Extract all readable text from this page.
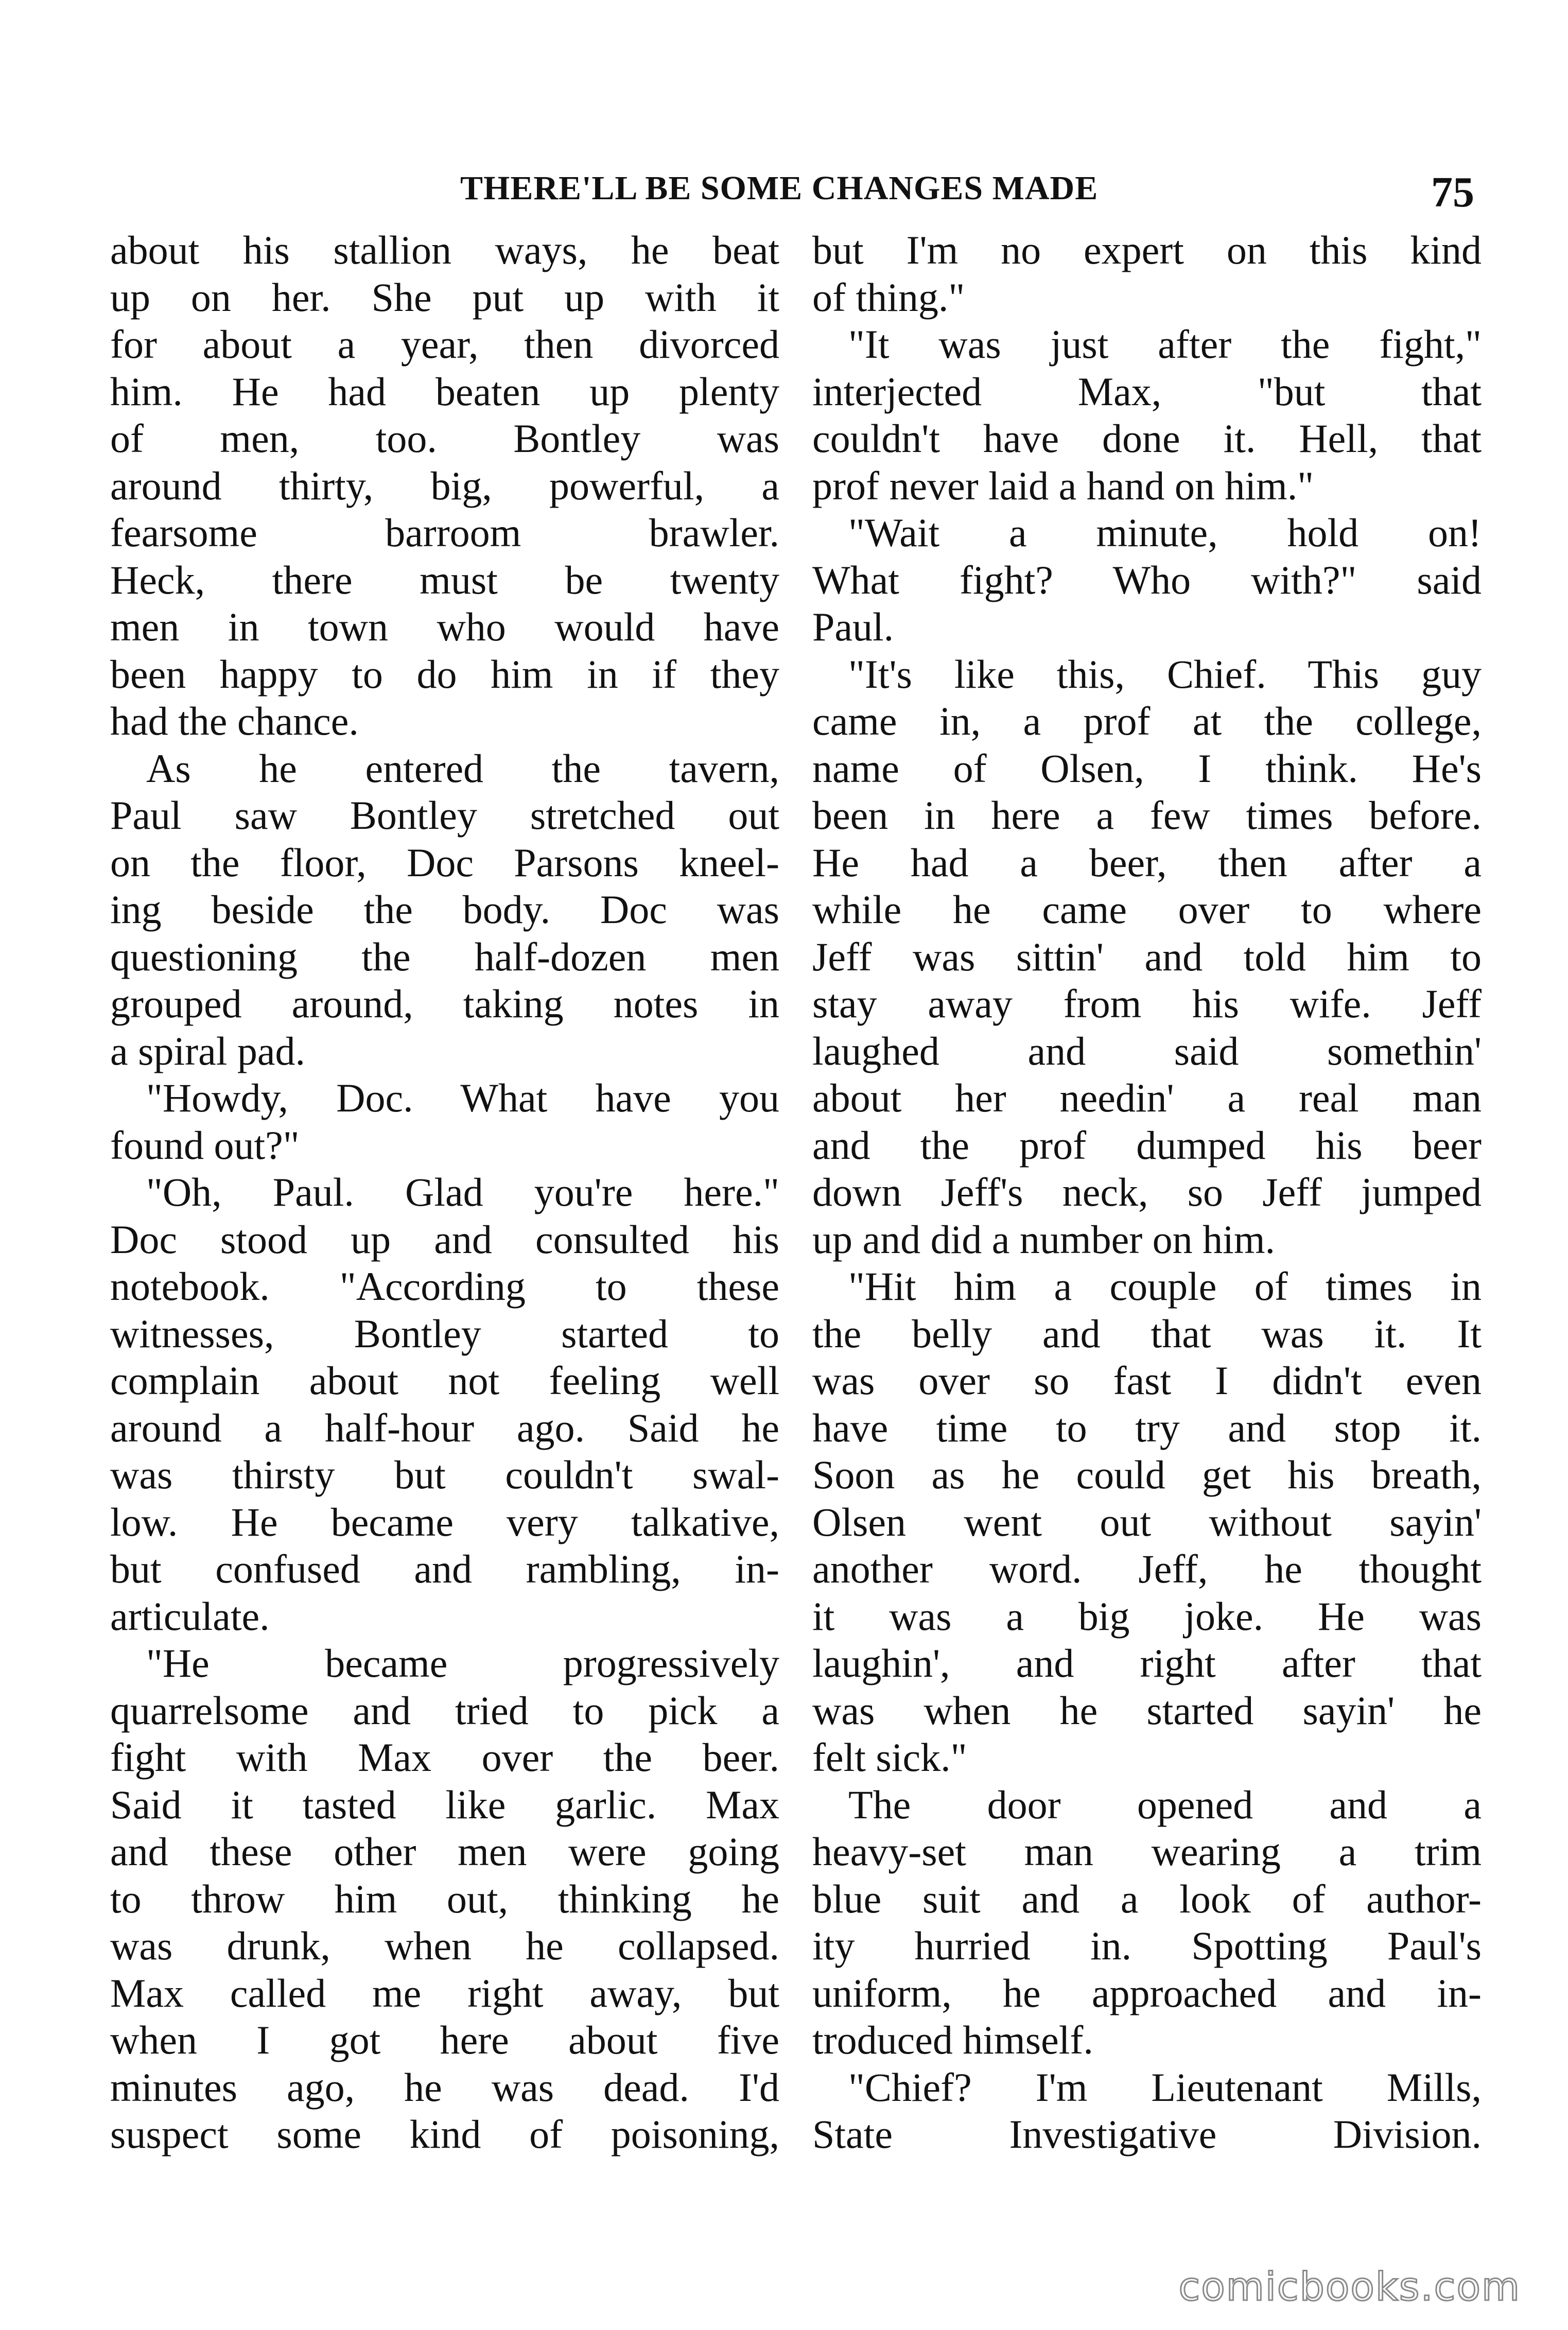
THERE'LL BE SOME CHANGES MADE	75
about his stallion ways, he beat
up on her. She put up with it
for about a year, then divorced
him. He had beaten up plenty
of men, too. Bontley was
around thirty, big, powerful, a
fearsome barroom brawler.
Heck, there must be twenty
men in town who would have
been happy to do him in if they
had the chance.
As he entered the tavern,
Paul saw Bontley stretched out
on the floor, Doc Parsons kneel-
ing beside the body. Doc was
questioning the half-dozen men
grouped around, taking notes in
a spiral pad.
"Howdy, Doc. What have you
found out?"
"Oh, Paul. Glad you're here."
Doc stood up and consulted his
notebook. "According to these
witnesses, Bontley started to
complain about not feeling well
around a half-hour ago. Said he
was thirsty but couldn't swal-
low. He became very talkative,
but confused and rambling, in-
articulate.
"He became progressively
quarrelsome and tried to pick a
fight with Max over the beer.
Said it tasted like garlic. Max
and these other men were going
to throw him out, thinking he
was drunk, when he collapsed.
Max called me right away, but
when I got here about five
minutes ago, he was dead. I'd
suspect some kind of poisoning,
but I'm no expert on this kind
of thing."
"It was just after the fight,"
interjected Max, "but that
couldn't have done it. Hell, that
prof never laid a hand on him."
"Wait a minute, hold on!
What fight? Who with?" said
Paul.
"It's like this, Chief. This guy
came in, a prof at the college,
name of Olsen, I think. He's
been in here a few times before.
He had a beer, then after a
while he came over to where
Jeff was sittin' and told him to
stay away from his wife. Jeff
laughed and said somethin'
about her needin' a real man
and the prof dumped his beer
down Jeff's neck, so Jeff jumped
up and did a number on him.
"Hit him a couple of times in
the belly and that was it. It
was over so fast I didn't even
have time to try and stop it.
Soon as he could get his breath,
Olsen went out without sayin'
another word. Jeff, he thought
it was a big joke. He was
laughin', and right after that
was when he started sayin' he
felt sick."
The door opened and a
heavy-set man wearing a trim
blue suit and a look of author-
ity hurried in. Spotting Paul's
uniform, he approached and in-
troduced himself.
"Chief? I'm Lieutenant Mills,
State Investigative Division.
comicbooks.com
